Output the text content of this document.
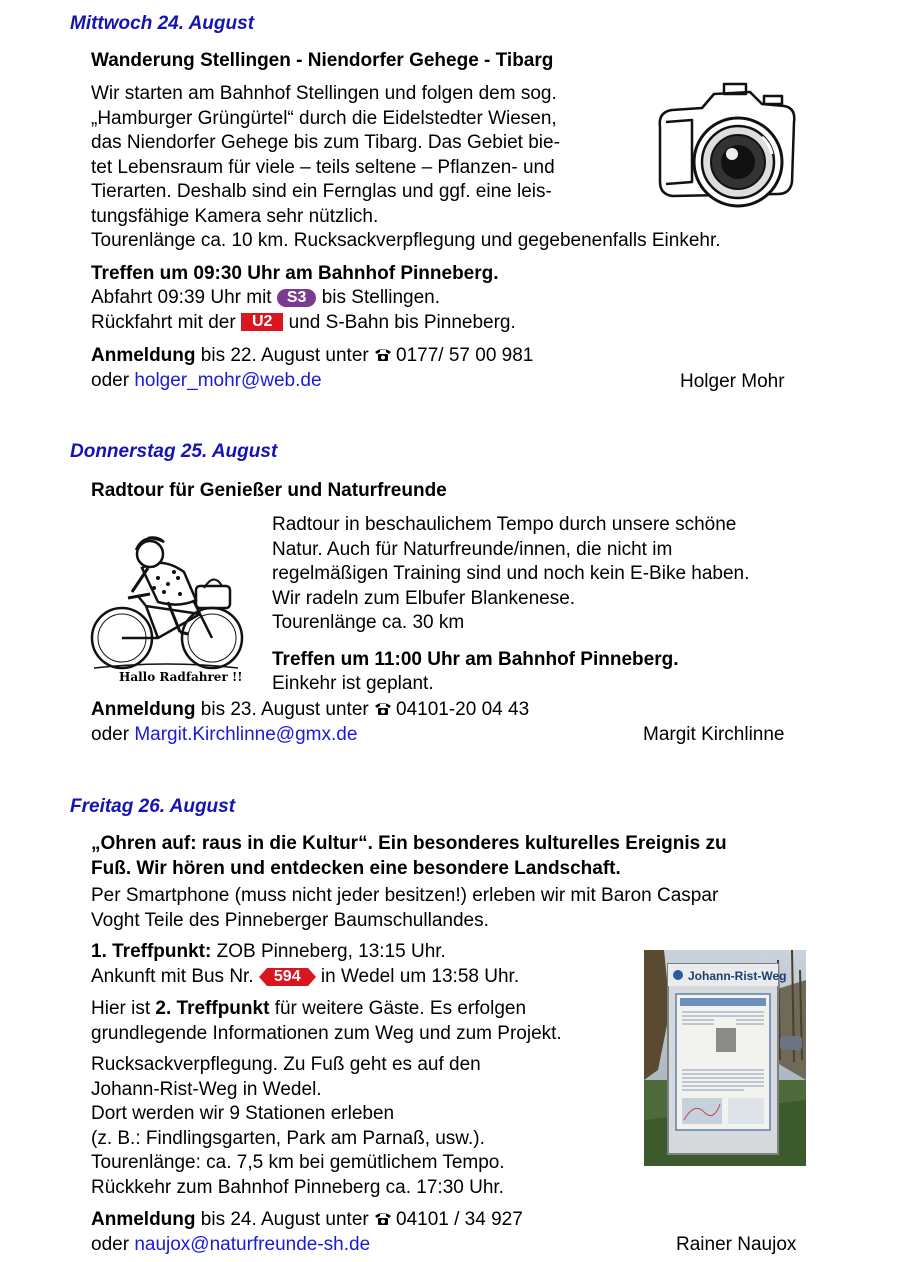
Mittwoch 24. August
Wanderung Stellingen - Niendorfer Gehege - Tibarg
Wir starten am Bahnhof Stellingen und folgen dem sog.
„Hamburger Grüngürtel“ durch die Eidelstedter Wiesen,
das Niendorfer Gehege bis zum Tibarg. Das Gebiet bie-
tet Lebensraum für viele – teils seltene – Pflanzen- und
Tierarten. Deshalb sind ein Fernglas und ggf. eine leis-
tungsfähige Kamera sehr nützlich.
Tourenlänge ca. 10 km. Rucksackverpflegung und gegebenenfalls Einkehr.
Treffen um 09:30 Uhr am Bahnhof Pinneberg.
Abfahrt 09:39 Uhr mit S3 bis Stellingen.
Rückfahrt mit der U2 und S-Bahn bis Pinneberg.
Anmeldung bis 22. August unter 0177/ 57 00 981
oder holger_mohr@web.de	Holger Mohr
Donnerstag 25. August
Radtour für Genießer und Naturfreunde
Hallo Radfahrer !!
Radtour in beschaulichem Tempo durch unsere schöne
Natur. Auch für Naturfreunde/innen, die nicht im
regelmäßigen Training sind und noch kein E-Bike haben.
Wir radeln zum Elbufer Blankenese.
Tourenlänge ca. 30 km
Treffen um 11:00 Uhr am Bahnhof Pinneberg.
Einkehr ist geplant.
Anmeldung bis 23. August unter 04101-20 04 43
oder Margit.Kirchlinne@gmx.de	Margit Kirchlinne
Freitag 26. August
„Ohren auf: raus in die Kultur“. Ein besonderes kulturelles Ereignis zu
Fuß. Wir hören und entdecken eine besondere Landschaft.
Per Smartphone (muss nicht jeder besitzen!) erleben wir mit Baron Caspar
Voght Teile des Pinneberger Baumschullandes.
1. Treffpunkt: ZOB Pinneberg, 13:15 Uhr.
Ankunft mit Bus Nr. 594 in Wedel um 13:58 Uhr.
Hier ist 2. Treffpunkt für weitere Gäste. Es erfolgen
grundlegende Informationen zum Weg und zum Projekt.
Rucksackverpflegung. Zu Fuß geht es auf den
Johann-Rist-Weg in Wedel.
Dort werden wir 9 Stationen erleben
(z. B.: Findlingsgarten, Park am Parnaß, usw.).
Tourenlänge: ca. 7,5 km bei gemütlichem Tempo.
Rückkehr zum Bahnhof Pinneberg ca. 17:30 Uhr.
Johann-Rist-Weg
Anmeldung bis 24. August unter 04101 / 34 927
oder naujox@naturfreunde-sh.de	Rainer Naujox
